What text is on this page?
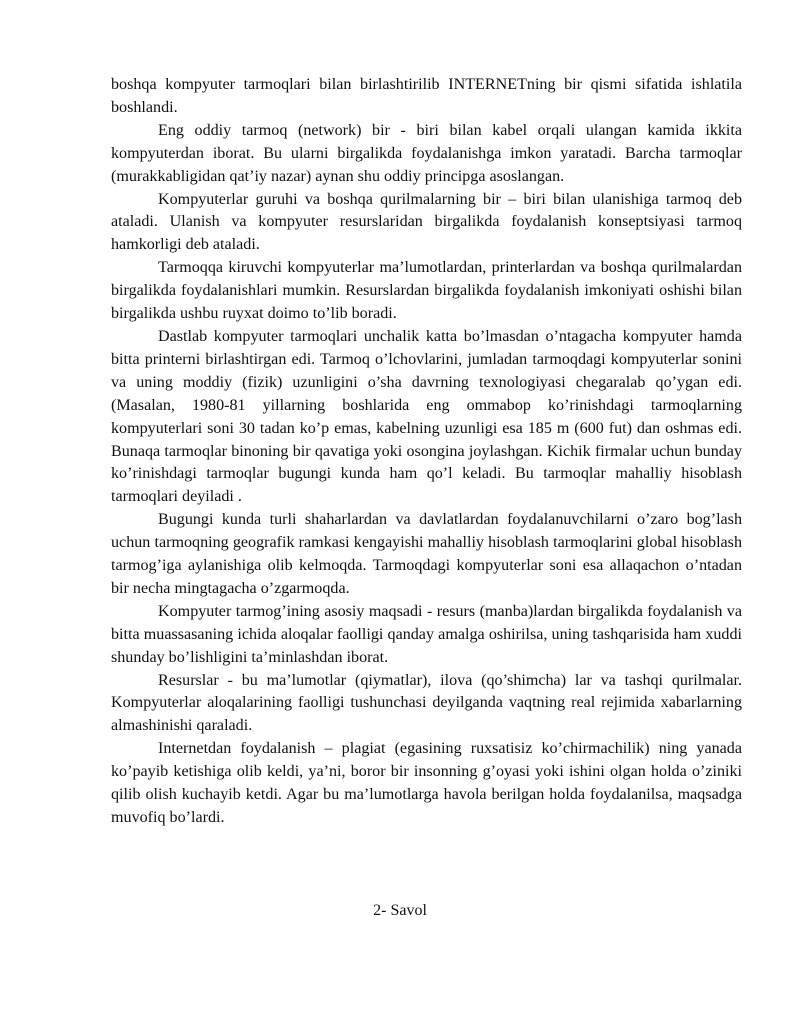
boshqa kompyuter tarmoqlari bilan birlashtirilib INTERNETning bir qismi sifatida ishlatila boshlandi.

Eng oddiy tarmoq (network) bir - biri bilan kabel orqali ulangan kamida ikkita kompyuterdan iborat. Bu ularni birgalikda foydalanishga imkon yaratadi. Barcha tarmoqlar (murakkabligidan qat’iy nazar) aynan shu oddiy principga asoslangan.

Kompyuterlar guruhi va boshqa qurilmalarning bir – biri bilan ulanishiga tarmoq deb ataladi. Ulanish va kompyuter resurslaridan birgalikda foydalanish konseptsiyasi tarmoq hamkorligi deb ataladi.

Tarmoqqa kiruvchi kompyuterlar ma’lumotlardan, printerlardan va boshqa qurilmalardan birgalikda foydalanishlari mumkin. Resurslardan birgalikda foydalanish imkoniyati oshishi bilan birgalikda ushbu ruyxat doimo to’lib boradi.

Dastlab kompyuter tarmoqlari unchalik katta bo’lmasdan o’ntagacha kompyuter hamda bitta printerni birlashtirgan edi. Tarmoq o’lchovlarini, jumladan tarmoqdagi kompyuterlar sonini va uning moddiy (fizik) uzunligini o’sha davrning texnologiyasi chegaralab qo’ygan edi. (Masalan, 1980-81 yillarning boshlarida eng ommabop ko’rinishdagi tarmoqlarning kompyuterlari soni 30 tadan ko’p emas, kabelning uzunligi esa 185 m (600 fut) dan oshmas edi. Bunaqa tarmoqlar binoning bir qavatiga yoki osongina joylashgan. Kichik firmalar uchun bunday ko’rinishdagi tarmoqlar bugungi kunda ham qo’l keladi. Bu tarmoqlar mahalliy hisoblash tarmoqlari deyiladi .

Bugungi kunda turli shaharlardan va davlatlardan foydalanuvchilarni o’zaro bog’lash uchun tarmoqning geografik ramkasi kengayishi mahalliy hisoblash tarmoqlarini global hisoblash tarmog’iga aylanishiga olib kelmoqda. Tarmoqdagi kompyuterlar soni esa allaqachon o’ntadan bir necha mingtagacha o’zgarmoqda.

Kompyuter tarmog’ining asosiy maqsadi - resurs (manba)lardan birgalikda foydalanish va bitta muassasaning ichida aloqalar faolligi qanday amalga oshirilsa, uning tashqarisida ham xuddi shunday bo’lishligini ta’minlashdan iborat.

Resurslar - bu ma’lumotlar (qiymatlar), ilova (qo’shimcha) lar va tashqi qurilmalar. Kompyuterlar aloqalarining faolligi tushunchasi deyilganda vaqtning real rejimida xabarlarning almashinishi qaraladi.

Internetdan foydalanish – plagiat (egasining ruxsatisiz ko’chirmachilik) ning yanada ko’payib ketishiga olib keldi, ya’ni, boror bir insonning g’oyasi yoki ishini olgan holda o’ziniki qilib olish kuchayib ketdi. Agar bu ma’lumotlarga havola berilgan holda foydalanilsa, maqsadga muvofiq bo’lardi.

2- Savol
